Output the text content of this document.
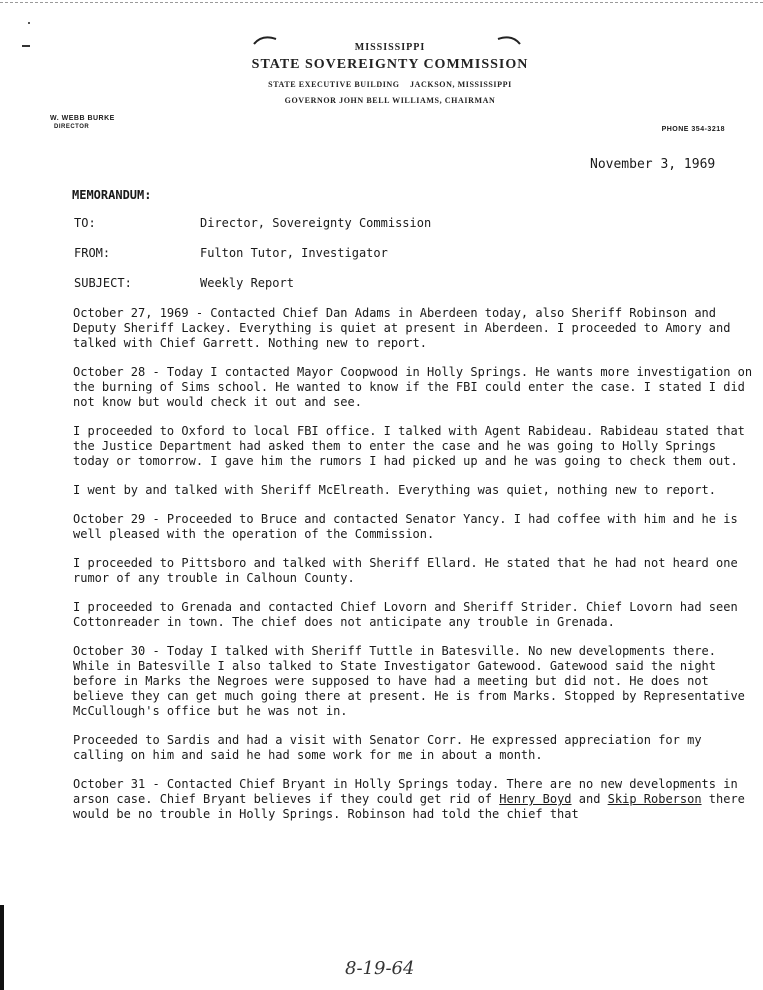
MISSISSIPPI
STATE SOVEREIGNTY COMMISSION
STATE EXECUTIVE BUILDING    JACKSON, MISSISSIPPI
GOVERNOR JOHN BELL WILLIAMS, CHAIRMAN
W. WEBB BURKE
DIRECTOR	PHONE 354-3218
November 3, 1969
MEMORANDUM:
TO:	Director, Sovereignty Commission
FROM:	Fulton Tutor, Investigator
SUBJECT:	Weekly Report

October 27, 1969 - Contacted Chief Dan Adams in Aberdeen today, also Sheriff Robinson and Deputy Sheriff Lackey. Everything is quiet at present in Aberdeen. I proceeded to Amory and talked with Chief Garrett. Nothing new to report.

October 28 - Today I contacted Mayor Coopwood in Holly Springs. He wants more investigation on the burning of Sims school. He wanted to know if the FBI could enter the case. I stated I did not know but would check it out and see.

I proceeded to Oxford to local FBI office. I talked with Agent Rabideau. Rabideau stated that the Justice Department had asked them to enter the case and he was going to Holly Springs today or tomorrow. I gave him the rumors I had picked up and he was going to check them out.

I went by and talked with Sheriff McElreath. Everything was quiet, nothing new to report.

October 29 - Proceeded to Bruce and contacted Senator Yancy. I had coffee with him and he is well pleased with the operation of the Commission.

I proceeded to Pittsboro and talked with Sheriff Ellard. He stated that he had not heard one rumor of any trouble in Calhoun County.

I proceeded to Grenada and contacted Chief Lovorn and Sheriff Strider. Chief Lovorn had seen Cottonreader in town. The chief does not anticipate any trouble in Grenada.

October 30 - Today I talked with Sheriff Tuttle in Batesville. No new developments there. While in Batesville I also talked to State Investigator Gatewood. Gatewood said the night before in Marks the Negroes were supposed to have had a meeting but did not. He does not believe they can get much going there at present. He is from Marks. Stopped by Representative McCullough's office but he was not in.

Proceeded to Sardis and had a visit with Senator Corr. He expressed appreciation for my calling on him and said he had some work for me in about a month.

October 31 - Contacted Chief Bryant in Holly Springs today. There are no new developments in arson case. Chief Bryant believes if they could get rid of Henry Boyd and Skip Roberson there would be no trouble in Holly Springs. Robinson had told the chief that

8-19-64
